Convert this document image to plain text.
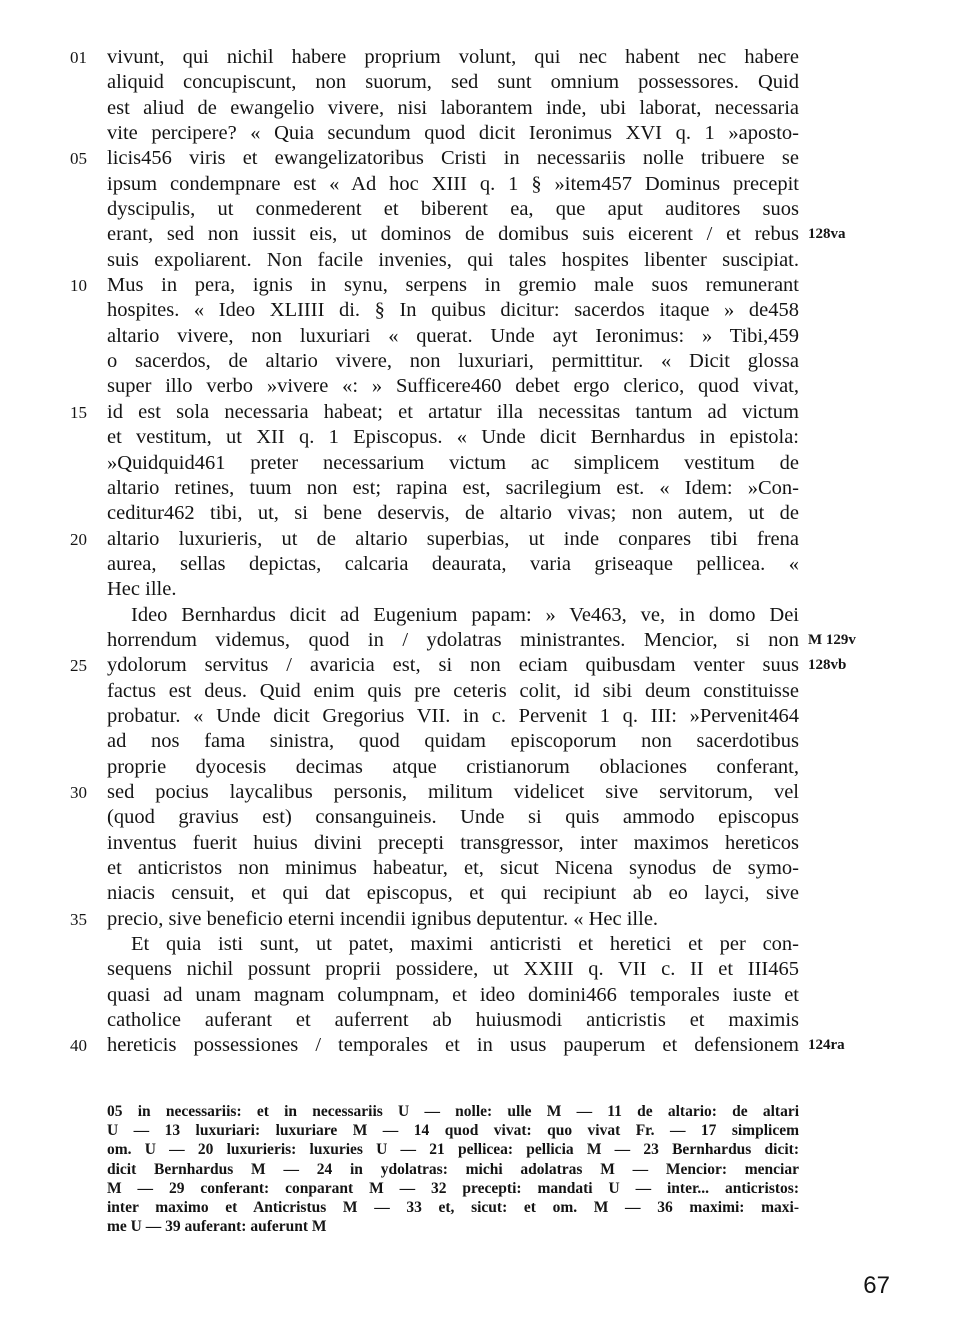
01 vivunt, qui nichil habere proprium volunt, qui nec habent nec habere
aliquid concupiscunt, non suorum, sed sunt omnium possessores. Quid
est aliud de ewangelio vivere, nisi laborantem inde, ubi laborat, necessaria
vite percipere? « Quia secundum quod dicit Ieronimus XVI q. 1 »aposto-
05 licis456 viris et ewangelizatoribus Cristi in necessariis nolle tribuere se
ipsum condempnare est « Ad hoc XIII q. 1 § »item457 Dominus precepit
dyscipulis, ut conmederent et biberent ea, que aput auditores suos
erant, sed non iussit eis, ut dominos de domibus suis eicerent / et rebus 128va
suis expoliarent. Non facile invenies, qui tales hospites libenter suscipiat.
10 Mus in pera, ignis in synu, serpens in gremio male suos remunerant
hospites. « Ideo XLIIII di. § In quibus dicitur: sacerdos itaque » de458
altario vivere, non luxuriari « querat. Unde ayt Ieronimus: » Tibi,459
o sacerdos, de altario vivere, non luxuriari, permittitur. « Dicit glossa
super illo verbo »vivere «: » Sufficere460 debet ergo clerico, quod vivat,
15 id est sola necessaria habeat; et artatur illa necessitas tantum ad victum
et vestitum, ut XII q. 1 Episcopus. « Unde dicit Bernhardus in epistola:
»Quidquid461 preter necessarium victum ac simplicem vestitum de
altario retines, tuum non est; rapina est, sacrilegium est. « Idem: »Con-
ceditur462 tibi, ut, si bene deservis, de altario vivas; non autem, ut de
20 altario luxurieris, ut de altario superbias, ut inde conpares tibi frena
aurea, sellas depictas, calcaria deaurata, varia griseaque pellicea. «
Hec ille.
Ideo Bernhardus dicit ad Eugenium papam: » Ve463, ve, in domo Dei
horrendum videmus, quod in / ydolatras ministrantes. Mencior, si non M 129v
25 ydolorum servitus / avaricia est, si non eciam quibusdam venter suus 128vb
factus est deus. Quid enim quis pre ceteris colit, id sibi deum constituisse
probatur. « Unde dicit Gregorius VII. in c. Pervenit 1 q. III: »Pervenit464
ad nos fama sinistra, quod quidam episcoporum non sacerdotibus
proprie dyocesis decimas atque cristianorum oblaciones conferant,
30 sed pocius laycalibus personis, militum videlicet sive servitorum, vel
(quod gravius est) consanguineis. Unde si quis ammodo episcopus
inventus fuerit huius divini precepti transgressor, inter maximos hereticos
et anticristos non minimus habeatur, et, sicut Nicena synodus de symo-
niacis censuit, et qui dat episcopus, et qui recipiunt ab eo layci, sive
35 precio, sive beneficio eterni incendii ignibus deputentur. « Hec ille.
Et quia isti sunt, ut patet, maximi anticristi et heretici et per con-
sequens nichil possunt proprii possidere, ut XXIII q. VII c. II et III465
quasi ad unam magnam columpnam, et ideo domini466 temporales iuste et
catholice auferant et auferrent ab huiusmodi anticristis et maximis
40 hereticis possessiones / temporales et in usus pauperum et defensionem 124ra
05 in necessariis: et in necessariis U — nolle: ulle M — 11 de altario: de altari
U — 13 luxuriari: luxuriare M — 14 quod vivat: quo vivat Fr. — 17 simplicem
om. U — 20 luxurieris: luxuries U — 21 pellicea: pellicia M — 23 Bernhardus dicit:
dicit Bernhardus M — 24 in ydolatras: michi adolatras M — Mencior: menciar
M — 29 conferant: conparant M — 32 precepti: mandati U — inter... anticristos:
inter maximo et Anticristus M — 33 et, sicut: et om. M — 36 maximi: maxi-
me U — 39 auferant: auferunt M
67
